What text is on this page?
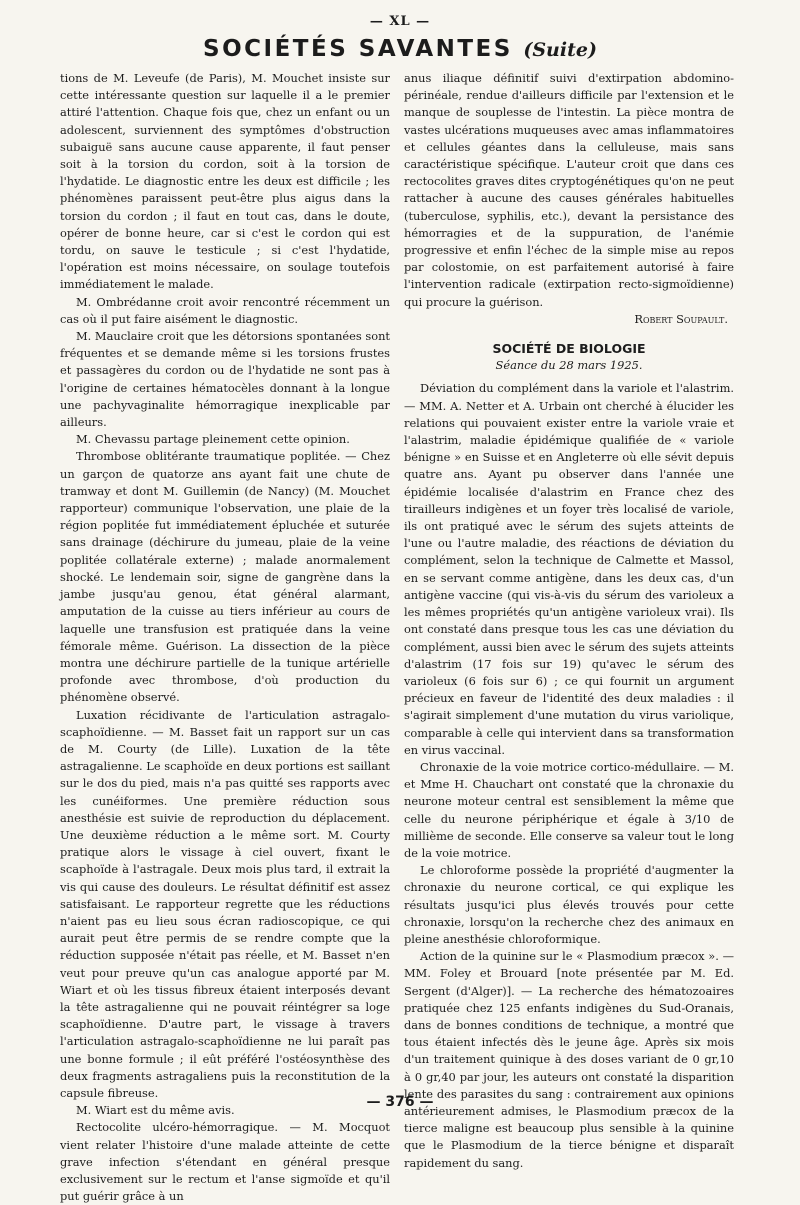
— XL —
SOCIÉTÉS SAVANTES (Suite)

tions de M. Leveufe (de Paris), M. Mouchet insiste sur cette intéressante question sur laquelle il a le premier attiré l'attention. Chaque fois que, chez un enfant ou un adolescent, surviennent des symptômes d'obstruction subaiguë sans aucune cause apparente, il faut penser soit à la torsion du cordon, soit à la torsion de l'hydatide. Le diagnostic entre les deux est difficile ; les phénomènes paraissent peut-être plus aigus dans la torsion du cordon ; il faut en tout cas, dans le doute, opérer de bonne heure, car si c'est le cordon qui est tordu, on sauve le testicule ; si c'est l'hydatide, l'opération est moins nécessaire, on soulage toutefois immédiatement le malade.

M. Ombrédanne croit avoir rencontré récemment un cas où il put faire aisément le diagnostic.

M. Mauclaire croit que les détorsions spontanées sont fréquentes et se demande même si les torsions frustes et passagères du cordon ou de l'hydatide ne sont pas à l'origine de certaines hématocèles donnant à la longue une pachyvaginalite hémorragique inexplicable par ailleurs.

M. Chevassu partage pleinement cette opinion.

Thrombose oblitérante traumatique poplitée. — Chez un garçon de quatorze ans ayant fait une chute de tramway et dont M. Guillemin (de Nancy) (M. Mouchet rapporteur) communique l'observation, une plaie de la région poplitée fut immédiatement épluchée et suturée sans drainage (déchirure du jumeau, plaie de la veine poplitée collatérale externe) ; malade anormalement shocké. Le lendemain soir, signe de gangrène dans la jambe jusqu'au genou, état général alarmant, amputation de la cuisse au tiers inférieur au cours de laquelle une transfusion est pratiquée dans la veine fémorale même. Guérison. La dissection de la pièce montra une déchirure partielle de la tunique artérielle profonde avec thrombose, d'où production du phénomène observé.

Luxation récidivante de l'articulation astragalo-scaphoïdienne. — M. Basset fait un rapport sur un cas de M. Courty (de Lille). Luxation de la tête astragalienne. Le scaphoïde en deux portions est saillant sur le dos du pied, mais n'a pas quitté ses rapports avec les cunéiformes. Une première réduction sous anesthésie est suivie de reproduction du déplacement. Une deuxième réduction a le même sort. M. Courty pratique alors le vissage à ciel ouvert, fixant le scaphoïde à l'astragale. Deux mois plus tard, il extrait la vis qui cause des douleurs. Le résultat définitif est assez satisfaisant. Le rapporteur regrette que les réductions n'aient pas eu lieu sous écran radioscopique, ce qui aurait peut être permis de se rendre compte que la réduction supposée n'était pas réelle, et M. Basset n'en veut pour preuve qu'un cas analogue apporté par M. Wiart et où les tissus fibreux étaient interposés devant la tête astragalienne qui ne pouvait réintégrer sa loge scaphoïdienne. D'autre part, le vissage à travers l'articulation astragalo-scaphoïdienne ne lui paraît pas une bonne formule ; il eût préféré l'ostéosynthèse des deux fragments astragaliens puis la reconstitution de la capsule fibreuse.

M. Wiart est du même avis.

Rectocolite ulcéro-hémorragique. — M. Mocquot vient relater l'histoire d'une malade atteinte de cette grave infection s'étendant en général presque exclusivement sur le rectum et l'anse sigmoïde et qu'il put guérir grâce à un

anus iliaque définitif suivi d'extirpation abdomino-périnéale, rendue d'ailleurs difficile par l'extension et le manque de souplesse de l'intestin. La pièce montra de vastes ulcérations muqueuses avec amas inflammatoires et cellules géantes dans la celluleuse, mais sans caractéristique spécifique. L'auteur croit que dans ces rectocolites graves dites cryptogénétiques qu'on ne peut rattacher à aucune des causes générales habituelles (tuberculose, syphilis, etc.), devant la persistance des hémorragies et de la suppuration, de l'anémie progressive et enfin l'échec de la simple mise au repos par colostomie, on est parfaitement autorisé à faire l'intervention radicale (extirpation recto-sigmoïdienne) qui procure la guérison.

Robert Soupault.

SOCIÉTÉ DE BIOLOGIE

Séance du 28 mars 1925.

Déviation du complément dans la variole et l'alastrim. — MM. A. Netter et A. Urbain ont cherché à élucider les relations qui pouvaient exister entre la variole vraie et l'alastrim, maladie épidémique qualifiée de « variole bénigne » en Suisse et en Angleterre où elle sévit depuis quatre ans. Ayant pu observer dans l'année une épidémie localisée d'alastrim en France chez des tirailleurs indigènes et un foyer très localisé de variole, ils ont pratiqué avec le sérum des sujets atteints de l'une ou l'autre maladie, des réactions de déviation du complément, selon la technique de Calmette et Massol, en se servant comme antigène, dans les deux cas, d'un antigène vaccine (qui vis-à-vis du sérum des varioleux a les mêmes propriétés qu'un antigène varioleux vrai). Ils ont constaté dans presque tous les cas une déviation du complément, aussi bien avec le sérum des sujets atteints d'alastrim (17 fois sur 19) qu'avec le sérum des varioleux (6 fois sur 6) ; ce qui fournit un argument précieux en faveur de l'identité des deux maladies : il s'agirait simplement d'une mutation du virus variolique, comparable à celle qui intervient dans sa transformation en virus vaccinal.

Chronaxie de la voie motrice cortico-médullaire. — M. et Mme H. Chauchart ont constaté que la chronaxie du neurone moteur central est sensiblement la même que celle du neurone périphérique et égale à 3/10 de millième de seconde. Elle conserve sa valeur tout le long de la voie motrice.

Le chloroforme possède la propriété d'augmenter la chronaxie du neurone cortical, ce qui explique les résultats jusqu'ici plus élevés trouvés pour cette chronaxie, lorsqu'on la recherche chez des animaux en pleine anesthésie chloroformique.

Action de la quinine sur le « Plasmodium præcox ». — MM. Foley et Brouard [note présentée par M. Ed. Sergent (d'Alger)]. — La recherche des hématozoaires pratiquée chez 125 enfants indigènes du Sud-Oranais, dans de bonnes conditions de technique, a montré que tous étaient infectés dès le jeune âge. Après six mois d'un traitement quinique à des doses variant de 0 gr,10 à 0 gr,40 par jour, les auteurs ont constaté la disparition lente des parasites du sang : contrairement aux opinions antérieurement admises, le Plasmodium præcox de la tierce maligne est beaucoup plus sensible à la quinine que le Plasmodium de la tierce bénigne et disparaît rapidement du sang.

— 376 —
